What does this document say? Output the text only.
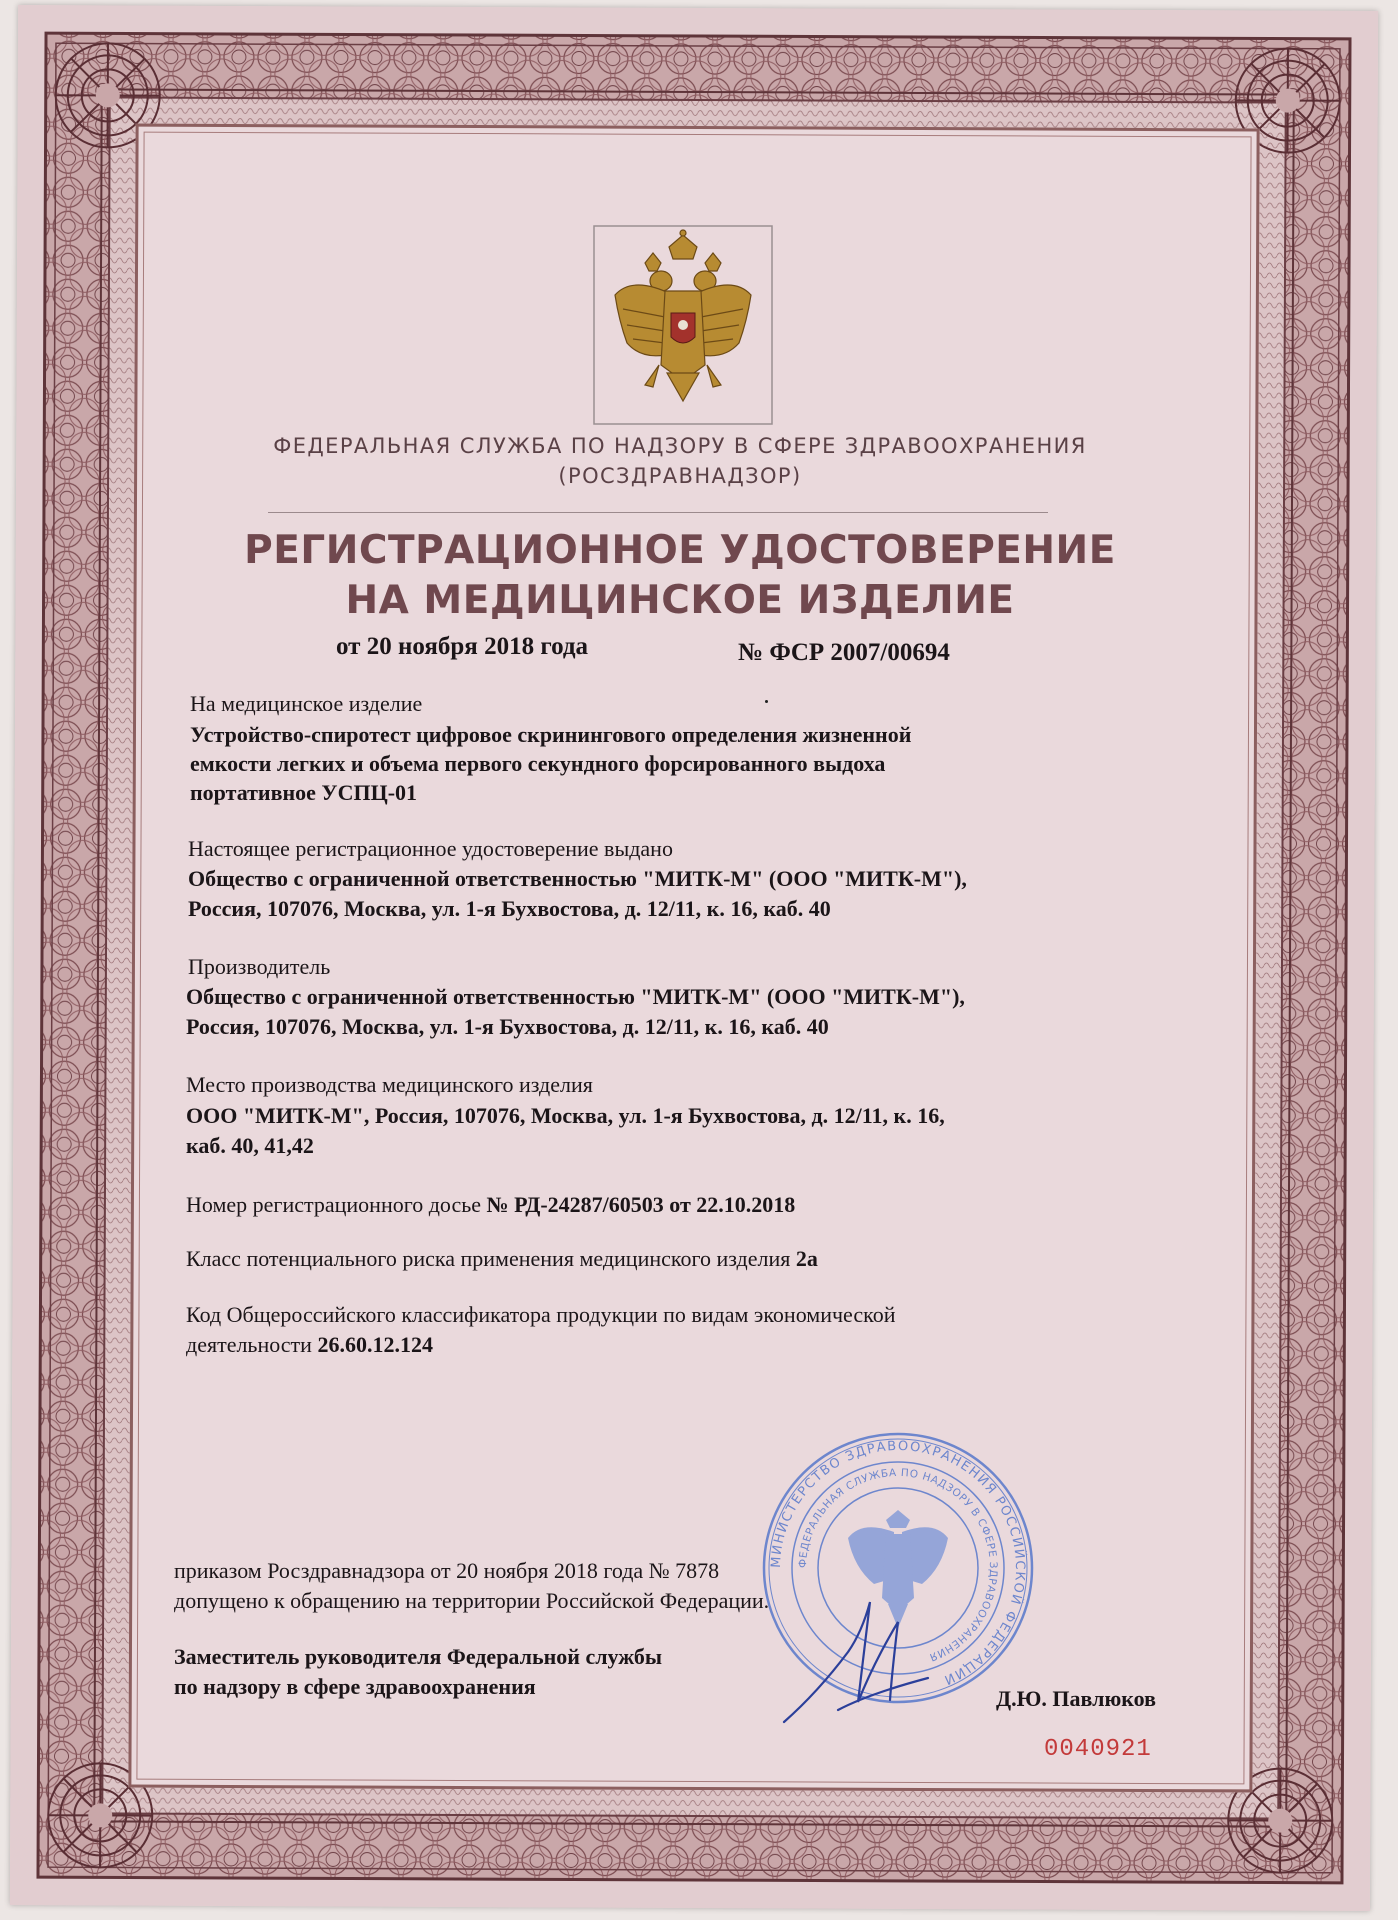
ФЕДЕРАЛЬНАЯ СЛУЖБА ПО НАДЗОРУ В СФЕРЕ ЗДРАВООХРАНЕНИЯ
(РОСЗДРАВНАДЗОР)
РЕГИСТРАЦИОННОЕ УДОСТОВЕРЕНИЕ
НА МЕДИЦИНСКОЕ ИЗДЕЛИЕ
от 20 ноября 2018 года	№ ФСР 2007/00694
На медицинское изделие
Устройство-спиротест цифровое скринингового определения жизненной
емкости легких и объема первого секундного форсированного выдоха
портативное УСПЦ-01
Настоящее регистрационное удостоверение выдано
Общество с ограниченной ответственностью "МИТК-М" (ООО "МИТК-М"),
Россия, 107076, Москва, ул. 1-я Бухвостова, д. 12/11, к. 16, каб. 40
Производитель
Общество с ограниченной ответственностью "МИТК-М" (ООО "МИТК-М"),
Россия, 107076, Москва, ул. 1-я Бухвостова, д. 12/11, к. 16, каб. 40
Место производства медицинского изделия
ООО "МИТК-М", Россия, 107076, Москва, ул. 1-я Бухвостова, д. 12/11, к. 16,
каб. 40, 41,42
Номер регистрационного досье № РД-24287/60503 от 22.10.2018
Класс потенциального риска применения медицинского изделия 2а
Код Общероссийского классификатора продукции по видам экономической
деятельности 26.60.12.124
МИНИСТЕРСТВО ЗДРАВООХРАНЕНИЯ РОССИЙСКОЙ ФЕДЕРАЦИИ
ФЕДЕРАЛЬНАЯ СЛУЖБА ПО НАДЗОРУ В СФЕРЕ ЗДРАВООХРАНЕНИЯ
приказом Росздравнадзора от 20 ноября 2018 года № 7878
допущено к обращению на территории Российской Федерации.
Заместитель руководителя Федеральной службы
по надзору в сфере здравоохранения	Д.Ю. Павлюков
0040921
